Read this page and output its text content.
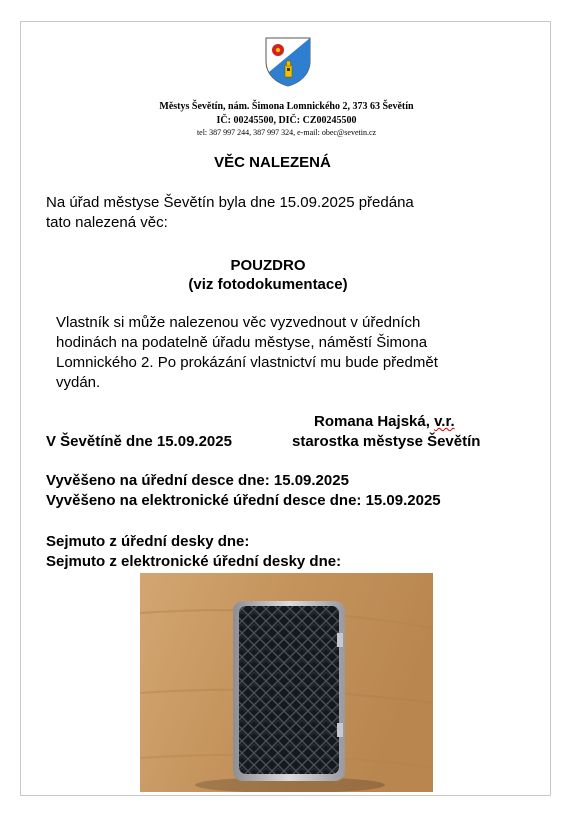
Městys Ševětín, nám. Šimona Lomnického 2, 373 63 Ševětín
IČ: 00245500, DIČ: CZ00245500
tel: 387 997 244, 387 997 324, e-mail: obec@sevetin.cz
VĚC NALEZENÁ
Na úřad městyse Ševětín byla dne 15.09.2025 předána
tato nalezená věc:
POUZDRO
(viz fotodokumentace)
Vlastník si může nalezenou věc vyzvednout v úředních
hodinách na podatelně úřadu městyse, náměstí Šimona
Lomnického 2. Po prokázání vlastnictví mu bude předmět
vydán.
Romana Hajská, v.r.
V Ševětíně dne 15.09.2025	starostka městyse Ševětín
Vyvěšeno na úřední desce dne: 15.09.2025
Vyvěšeno na elektronické úřední desce dne: 15.09.2025
Sejmuto z úřední desky dne:
Sejmuto z elektronické úřední desky dne:
